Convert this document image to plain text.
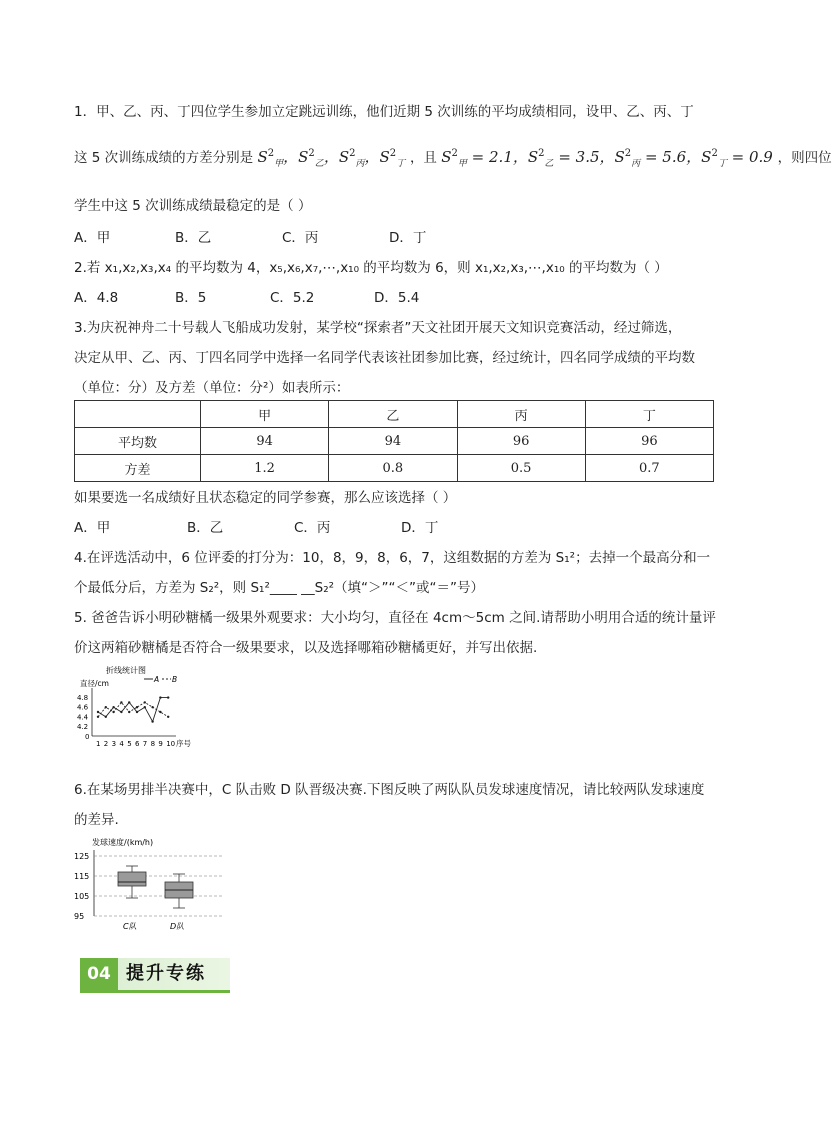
1．甲、乙、丙、丁四位学生参加立定跳远训练，他们近期 5 次训练的平均成绩相同，设甲、乙、丙、丁
这 5 次训练成绩的方差分别是 $S^2_甲$，$S^2_乙$，$S^2_丙$，$S^2_丁$ ，且 $S^2_甲 = 2.1$，$S^2_乙 = 3.5$，$S^2_丙 = 5.6$，$S^2_丁 = 0.9$ ，则四位
学生中这 5 次训练成绩最稳定的是（ ）
A．甲	B．乙	C．丙	D．丁
2.若 x₁,x₂,x₃,x₄ 的平均数为 4，x₅,x₆,x₇,⋯,x₁₀ 的平均数为 6，则 x₁,x₂,x₃,⋯,x₁₀ 的平均数为（ ）
A．4.8	B．5	C．5.2	D．5.4
3.为庆祝神舟二十号载人飞船成功发射，某学校“探索者”天文社团开展天文知识竞赛活动，经过筛选，
决定从甲、乙、丙、丁四名同学中选择一名同学代表该社团参加比赛，经过统计，四名同学成绩的平均数
（单位：分）及方差（单位：分²）如表所示：
	甲	乙	丙	丁
平均数	94	94	96	96
方差	1.2	0.8	0.5	0.7
如果要选一名成绩好且状态稳定的同学参赛，那么应该选择（ ）
A．甲	B．乙	C．丙	D．丁
4.在评选活动中，6 位评委的打分为：10，8，9，8，6，7，这组数据的方差为 S₁²；去掉一个最高分和一
个最低分后，方差为 S₂²，则 S₁²____ __S₂²（填“＞”“＜”或“＝”号）
5. 爸爸告诉小明砂糖橘一级果外观要求：大小均匀，直径在 4cm～5cm 之间.请帮助小明用合适的统计量评
价这两箱砂糖橘是否符合一级果要求，以及选择哪箱砂糖橘更好，并写出依据.
折线统计图
直径/cm	A B
0
4.2
4.4
4.6
4.8
1 2 3 4 5 6 7 8 9 10 序号
6.在某场男排半决赛中，C 队击败 D 队晋级决赛.下图反映了两队队员发球速度情况，请比较两队发球速度
的差异.
发球速度/(km/h)
95
105
115
125
C队	D队
04 提升专练
